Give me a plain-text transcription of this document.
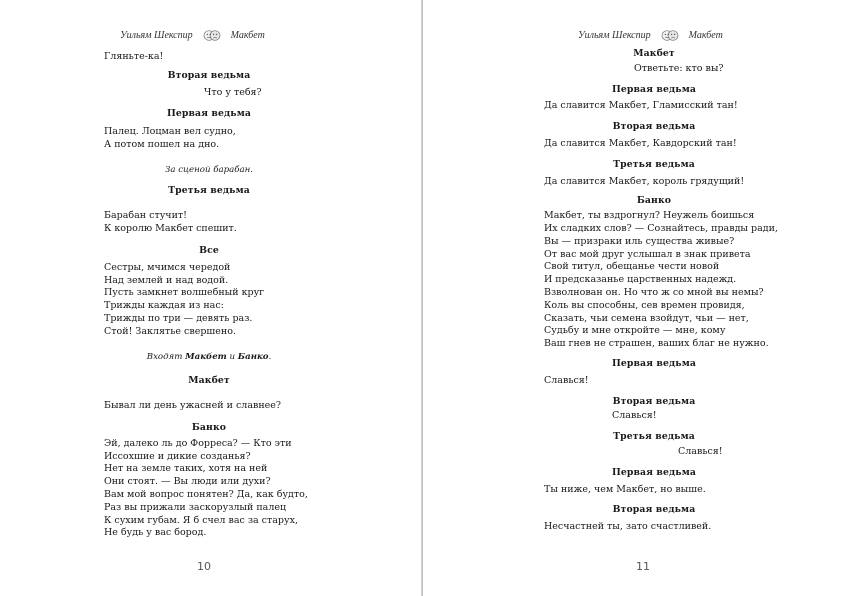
Уильям Шекспир	Макбет
Гляньте-ка!
Вторая ведьма
Что у тебя?
Первая ведьма
Палец. Лоцман вел судно,
А потом пошел на дно.
За сценой барабан.
Третья ведьма
Барабан стучит!
К королю Макбет спешит.
Все
Сестры, мчимся чередой
Над землей и над водой.
Пусть замкнет волшебный круг
Трижды каждая из нас:
Трижды по три — девять раз.
Стой! Заклятье свершено.
Входят Макбет и Банко.
Макбет
Бывал ли день ужасней и славнее?
Банко
Эй, далеко ль до Форреса? — Кто эти
Иссохшие и дикие созданья?
Нет на земле таких, хотя на ней
Они стоят. — Вы люди или духи?
Вам мой вопрос понятен? Да, как будто,
Раз вы прижали заскорузлый палец
К сухим губам. Я б счел вас за старух,
Не будь у вас бород.
10
Уильям Шекспир	Макбет
Макбет
Ответьте: кто вы?
Первая ведьма
Да славится Макбет, Гламисский тан!
Вторая ведьма
Да славится Макбет, Кавдорский тан!
Третья ведьма
Да славится Макбет, король грядущий!
Банко
Макбет, ты вздрогнул? Неужель боишься
Их сладких слов? — Сознайтесь, правды ради,
Вы — призраки иль существа живые?
От вас мой друг услышал в знак привета
Свой титул, обещанье чести новой
И предсказанье царственных надежд.
Взволнован он. Но что ж со мной вы немы?
Коль вы способны, сев времен провидя,
Сказать, чьи семена взойдут, чьи — нет,
Судьбу и мне откройте — мне, кому
Ваш гнев не страшен, ваших благ не нужно.
Первая ведьма
Славься!
Вторая ведьма
Славься!
Третья ведьма
Славься!
Первая ведьма
Ты ниже, чем Макбет, но выше.
Вторая ведьма
Несчастней ты, зато счастливей.
11
